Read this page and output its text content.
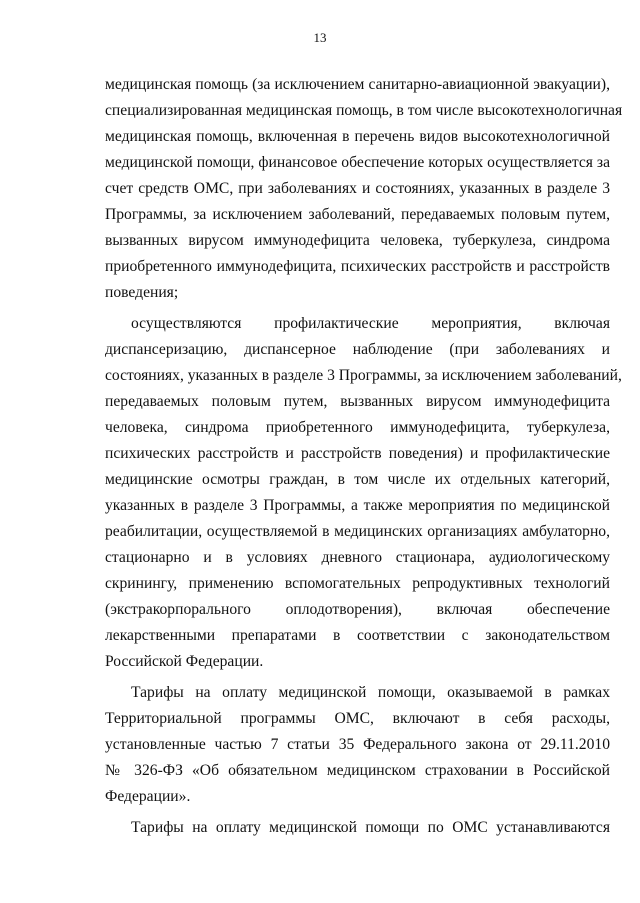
13
медицинская помощь (за исключением санитарно-авиационной эвакуации),
специализированная медицинская помощь, в том числе высокотехнологичная
медицинская помощь, включенная в перечень видов высокотехнологичной
медицинской помощи, финансовое обеспечение которых осуществляется за
счет средств ОМС, при заболеваниях и состояниях, указанных в разделе 3
Программы, за исключением заболеваний, передаваемых половым путем,
вызванных вирусом иммунодефицита человека, туберкулеза, синдрома
приобретенного иммунодефицита, психических расстройств и расстройств
поведения;
осуществляются профилактические мероприятия, включая
диспансеризацию, диспансерное наблюдение (при заболеваниях и
состояниях, указанных в разделе 3 Программы, за исключением заболеваний,
передаваемых половым путем, вызванных вирусом иммунодефицита
человека, синдрома приобретенного иммунодефицита, туберкулеза,
психических расстройств и расстройств поведения) и профилактические
медицинские осмотры граждан, в том числе их отдельных категорий,
указанных в разделе 3 Программы, а также мероприятия по медицинской
реабилитации, осуществляемой в медицинских организациях амбулаторно,
стационарно и в условиях дневного стационара, аудиологическому
скринингу, применению вспомогательных репродуктивных технологий
(экстракорпорального оплодотворения), включая обеспечение
лекарственными препаратами в соответствии с законодательством
Российской Федерации.
Тарифы на оплату медицинской помощи, оказываемой в рамках
Территориальной программы ОМС, включают в себя расходы,
установленные частью 7 статьи 35 Федерального закона от 29.11.2010
№ 326-ФЗ «Об обязательном медицинском страховании в Российской
Федерации».
Тарифы на оплату медицинской помощи по ОМС устанавливаются
